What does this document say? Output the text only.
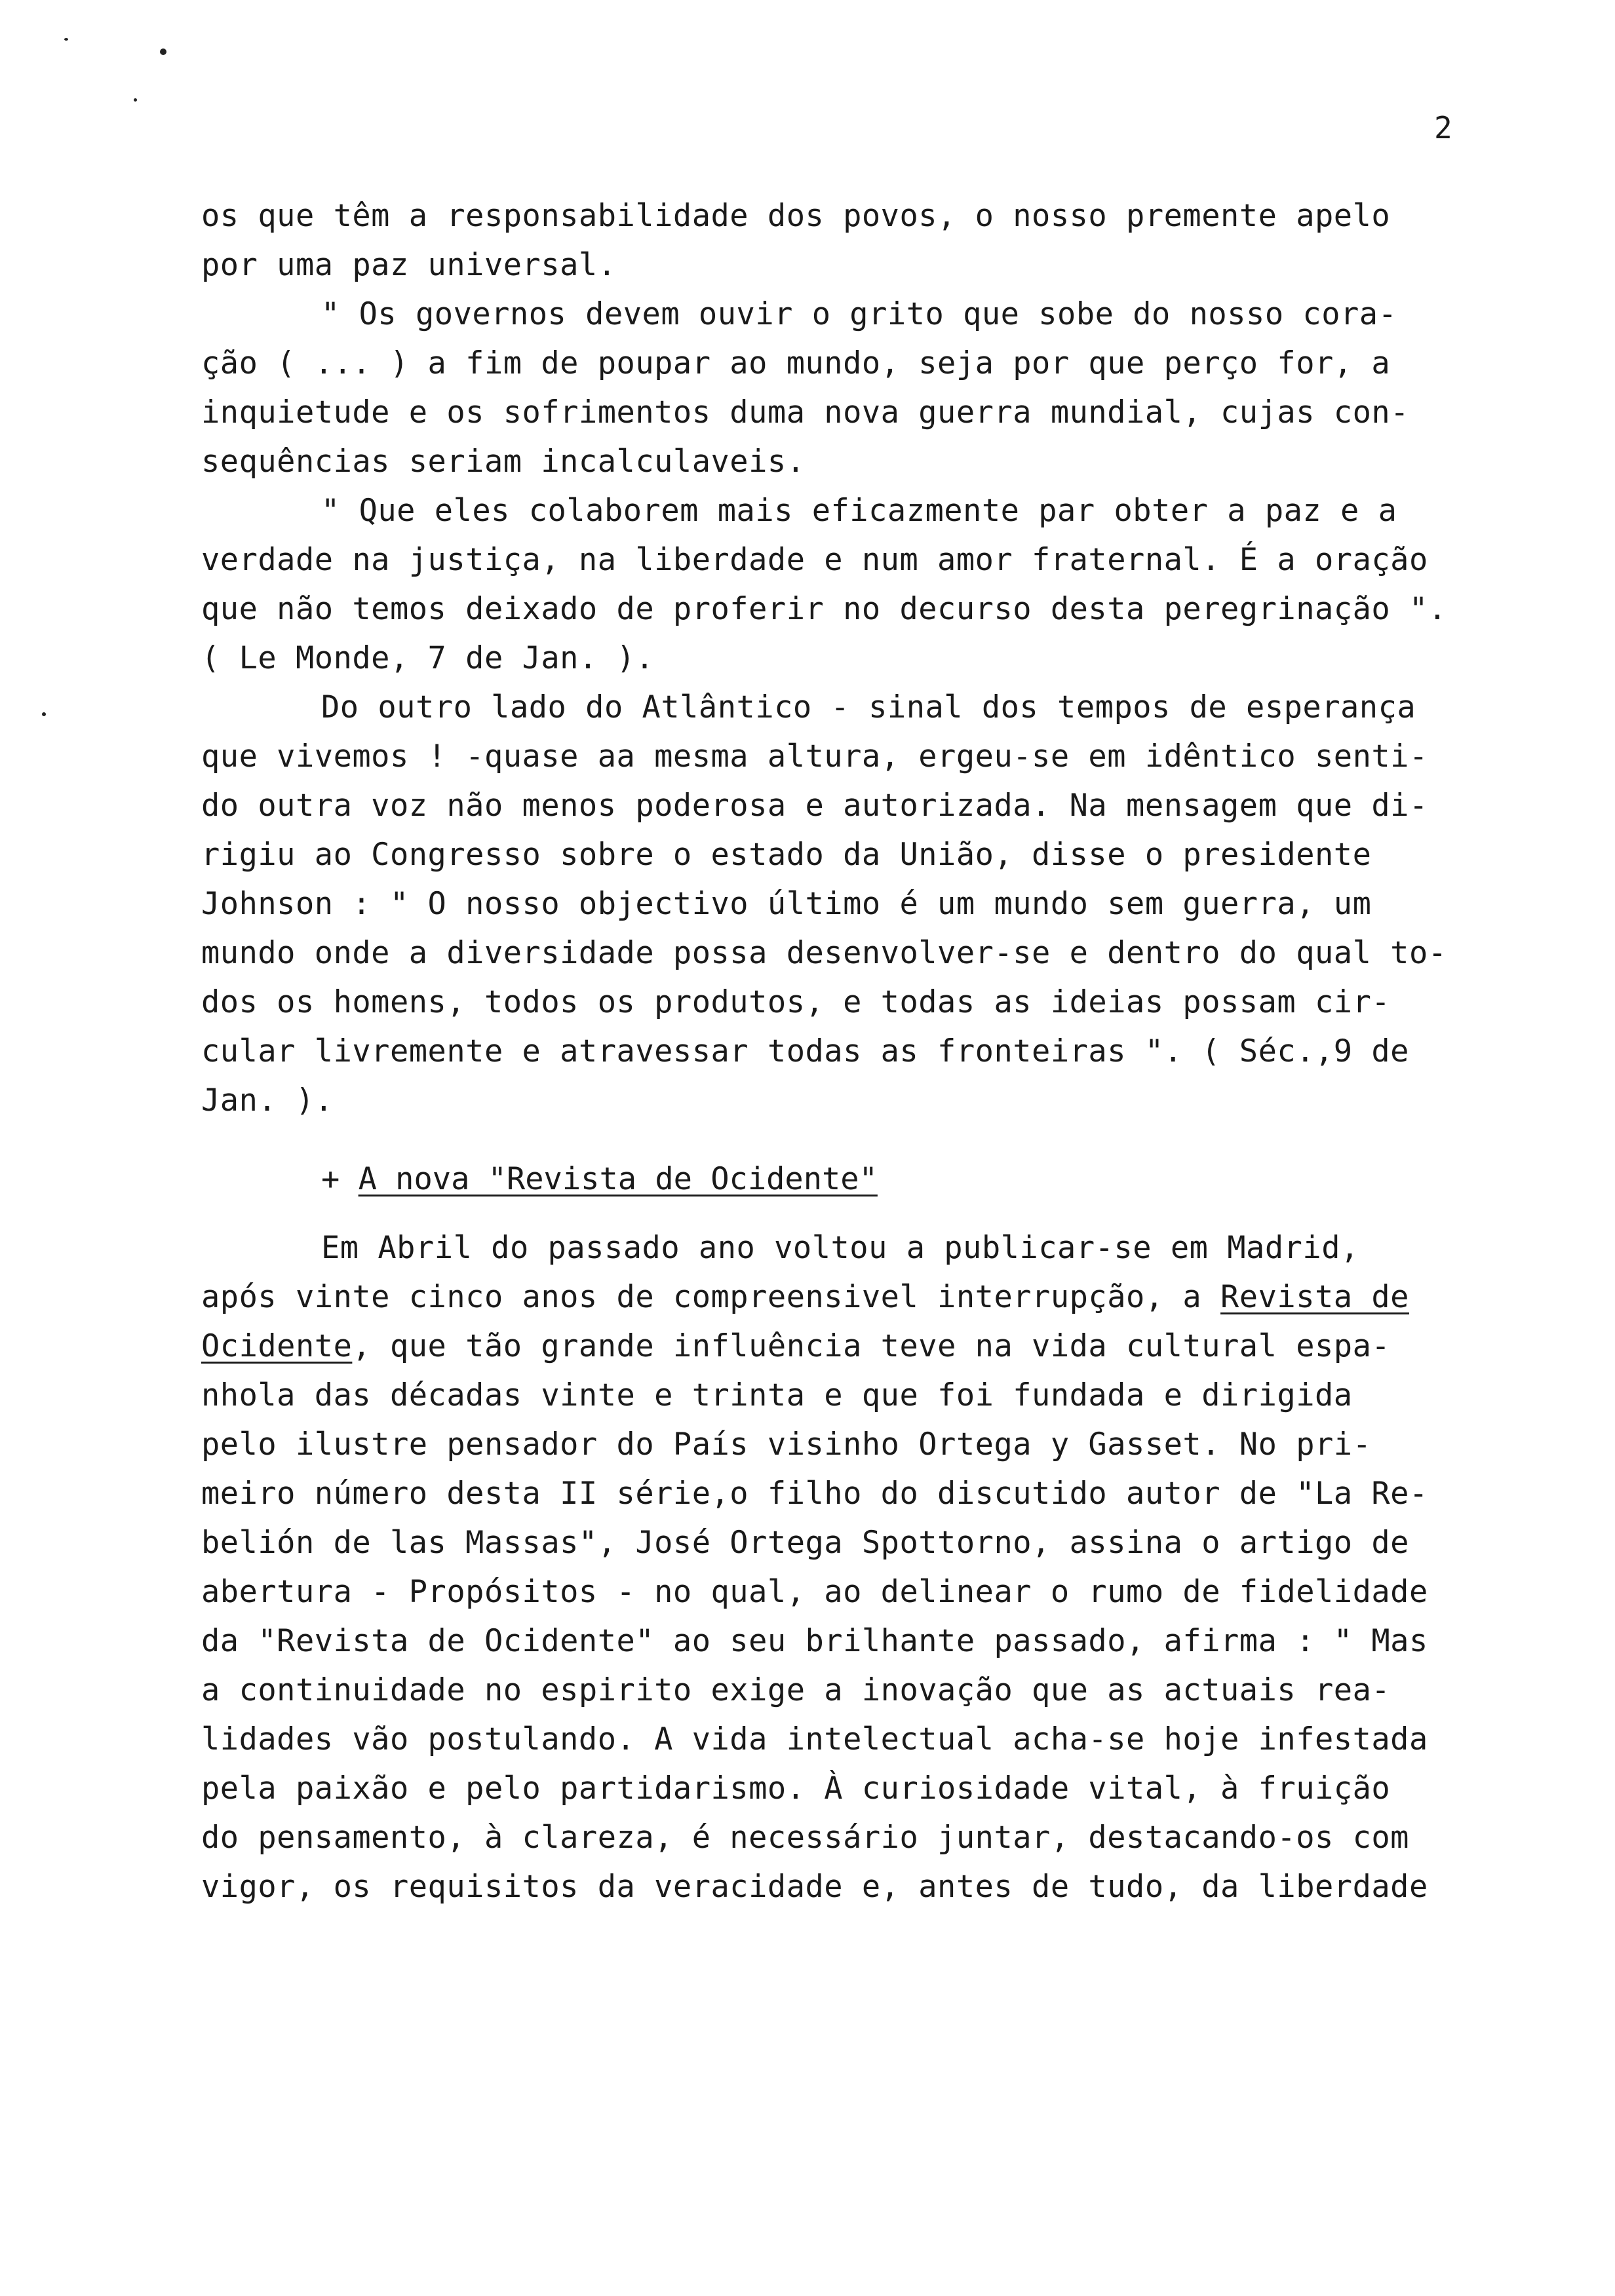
2
os que têm a responsabilidade dos povos, o nosso premente apelo
por uma paz universal.
" Os governos devem ouvir o grito que sobe do nosso cora-
ção ( ... ) a fim de poupar ao mundo, seja por que perço for, a
inquietude e os sofrimentos duma nova guerra mundial, cujas con-
sequências seriam incalculaveis.
" Que eles colaborem mais eficazmente par obter a paz e a
verdade na justiça, na liberdade e num amor fraternal. É a oração
que não temos deixado de proferir no decurso desta peregrinação ".
( Le Monde, 7 de Jan. ).
Do outro lado do Atlântico - sinal dos tempos de esperança
que vivemos ! -quase aa mesma altura, ergeu-se em idêntico senti-
do outra voz não menos poderosa e autorizada. Na mensagem que di-
rigiu ao Congresso sobre o estado da União, disse o presidente
Johnson : " O nosso objectivo último é um mundo sem guerra, um
mundo onde a diversidade possa desenvolver-se e dentro do qual to-
dos os homens, todos os produtos, e todas as ideias possam cir-
cular livremente e atravessar todas as fronteiras ". ( Séc.,9 de
Jan. ).
+ A nova "Revista de Ocidente"
Em Abril do passado ano voltou a publicar-se em Madrid,
após vinte cinco anos de compreensivel interrupção, a Revista de
Ocidente, que tão grande influência teve na vida cultural espa-
nhola das décadas vinte e trinta e que foi fundada e dirigida
pelo ilustre pensador do País visinho Ortega y Gasset. No pri-
meiro número desta II série,o filho do discutido autor de "La Re-
belión de las Massas", José Ortega Spottorno, assina o artigo de
abertura - Propósitos - no qual, ao delinear o rumo de fidelidade
da "Revista de Ocidente" ao seu brilhante passado, afirma : " Mas
a continuidade no espirito exige a inovação que as actuais rea-
lidades vão postulando. A vida intelectual acha-se hoje infestada
pela paixão e pelo partidarismo. À curiosidade vital, à fruição
do pensamento, à clareza, é necessário juntar, destacando-os com
vigor, os requisitos da veracidade e, antes de tudo, da liberdade
